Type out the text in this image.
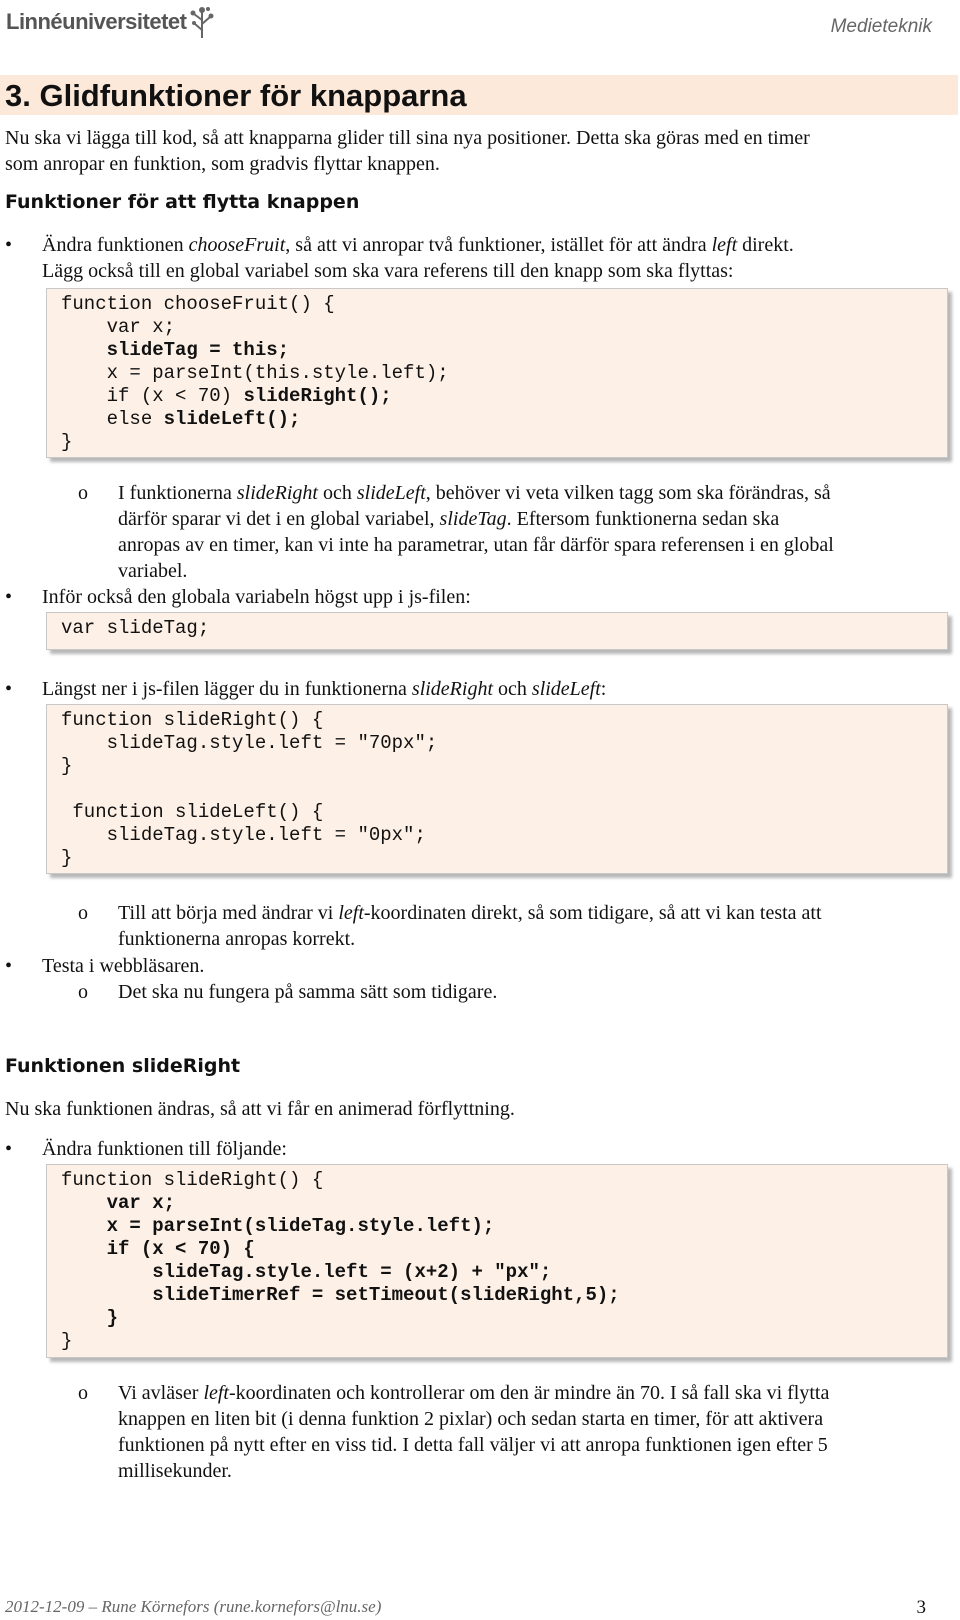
Linnéuniversitetet	Medieteknik
3. Glidfunktioner för knapparna
Nu ska vi lägga till kod, så att knapparna glider till sina nya positioner. Detta ska göras med en timer
som anropar en funktion, som gradvis flyttar knappen.
Funktioner för att flytta knappen
• Ändra funktionen chooseFruit, så att vi anropar två funktioner, istället för att ändra left direkt.
Lägg också till en global variabel som ska vara referens till den knapp som ska flyttas:
function chooseFruit() {
var x;
slideTag = this;
x = parseInt(this.style.left);
if (x < 70) slideRight();
else slideLeft();
}
o I funktionerna slideRight och slideLeft, behöver vi veta vilken tagg som ska förändras, så
därför sparar vi det i en global variabel, slideTag. Eftersom funktionerna sedan ska
anropas av en timer, kan vi inte ha parametrar, utan får därför spara referensen i en global
variabel.
• Inför också den globala variabeln högst upp i js-filen:
var slideTag;
• Längst ner i js-filen lägger du in funktionerna slideRight och slideLeft:
function slideRight() {
slideTag.style.left = "70px";
}

function slideLeft() {
slideTag.style.left = "0px";
}
o Till att börja med ändrar vi left-koordinaten direkt, så som tidigare, så att vi kan testa att
funktionerna anropas korrekt.
• Testa i webbläsaren.
o Det ska nu fungera på samma sätt som tidigare.
Funktionen slideRight
Nu ska funktionen ändras, så att vi får en animerad förflyttning.
• Ändra funktionen till följande:
function slideRight() {
var x;
x = parseInt(slideTag.style.left);
if (x < 70) {
slideTag.style.left = (x+2) + "px";
slideTimerRef = setTimeout(slideRight,5);
}
}
o Vi avläser left-koordinaten och kontrollerar om den är mindre än 70. I så fall ska vi flytta
knappen en liten bit (i denna funktion 2 pixlar) och sedan starta en timer, för att aktivera
funktionen på nytt efter en viss tid. I detta fall väljer vi att anropa funktionen igen efter 5
millisekunder.
2012-12-09 – Rune Körnefors (rune.kornefors@lnu.se)	3
